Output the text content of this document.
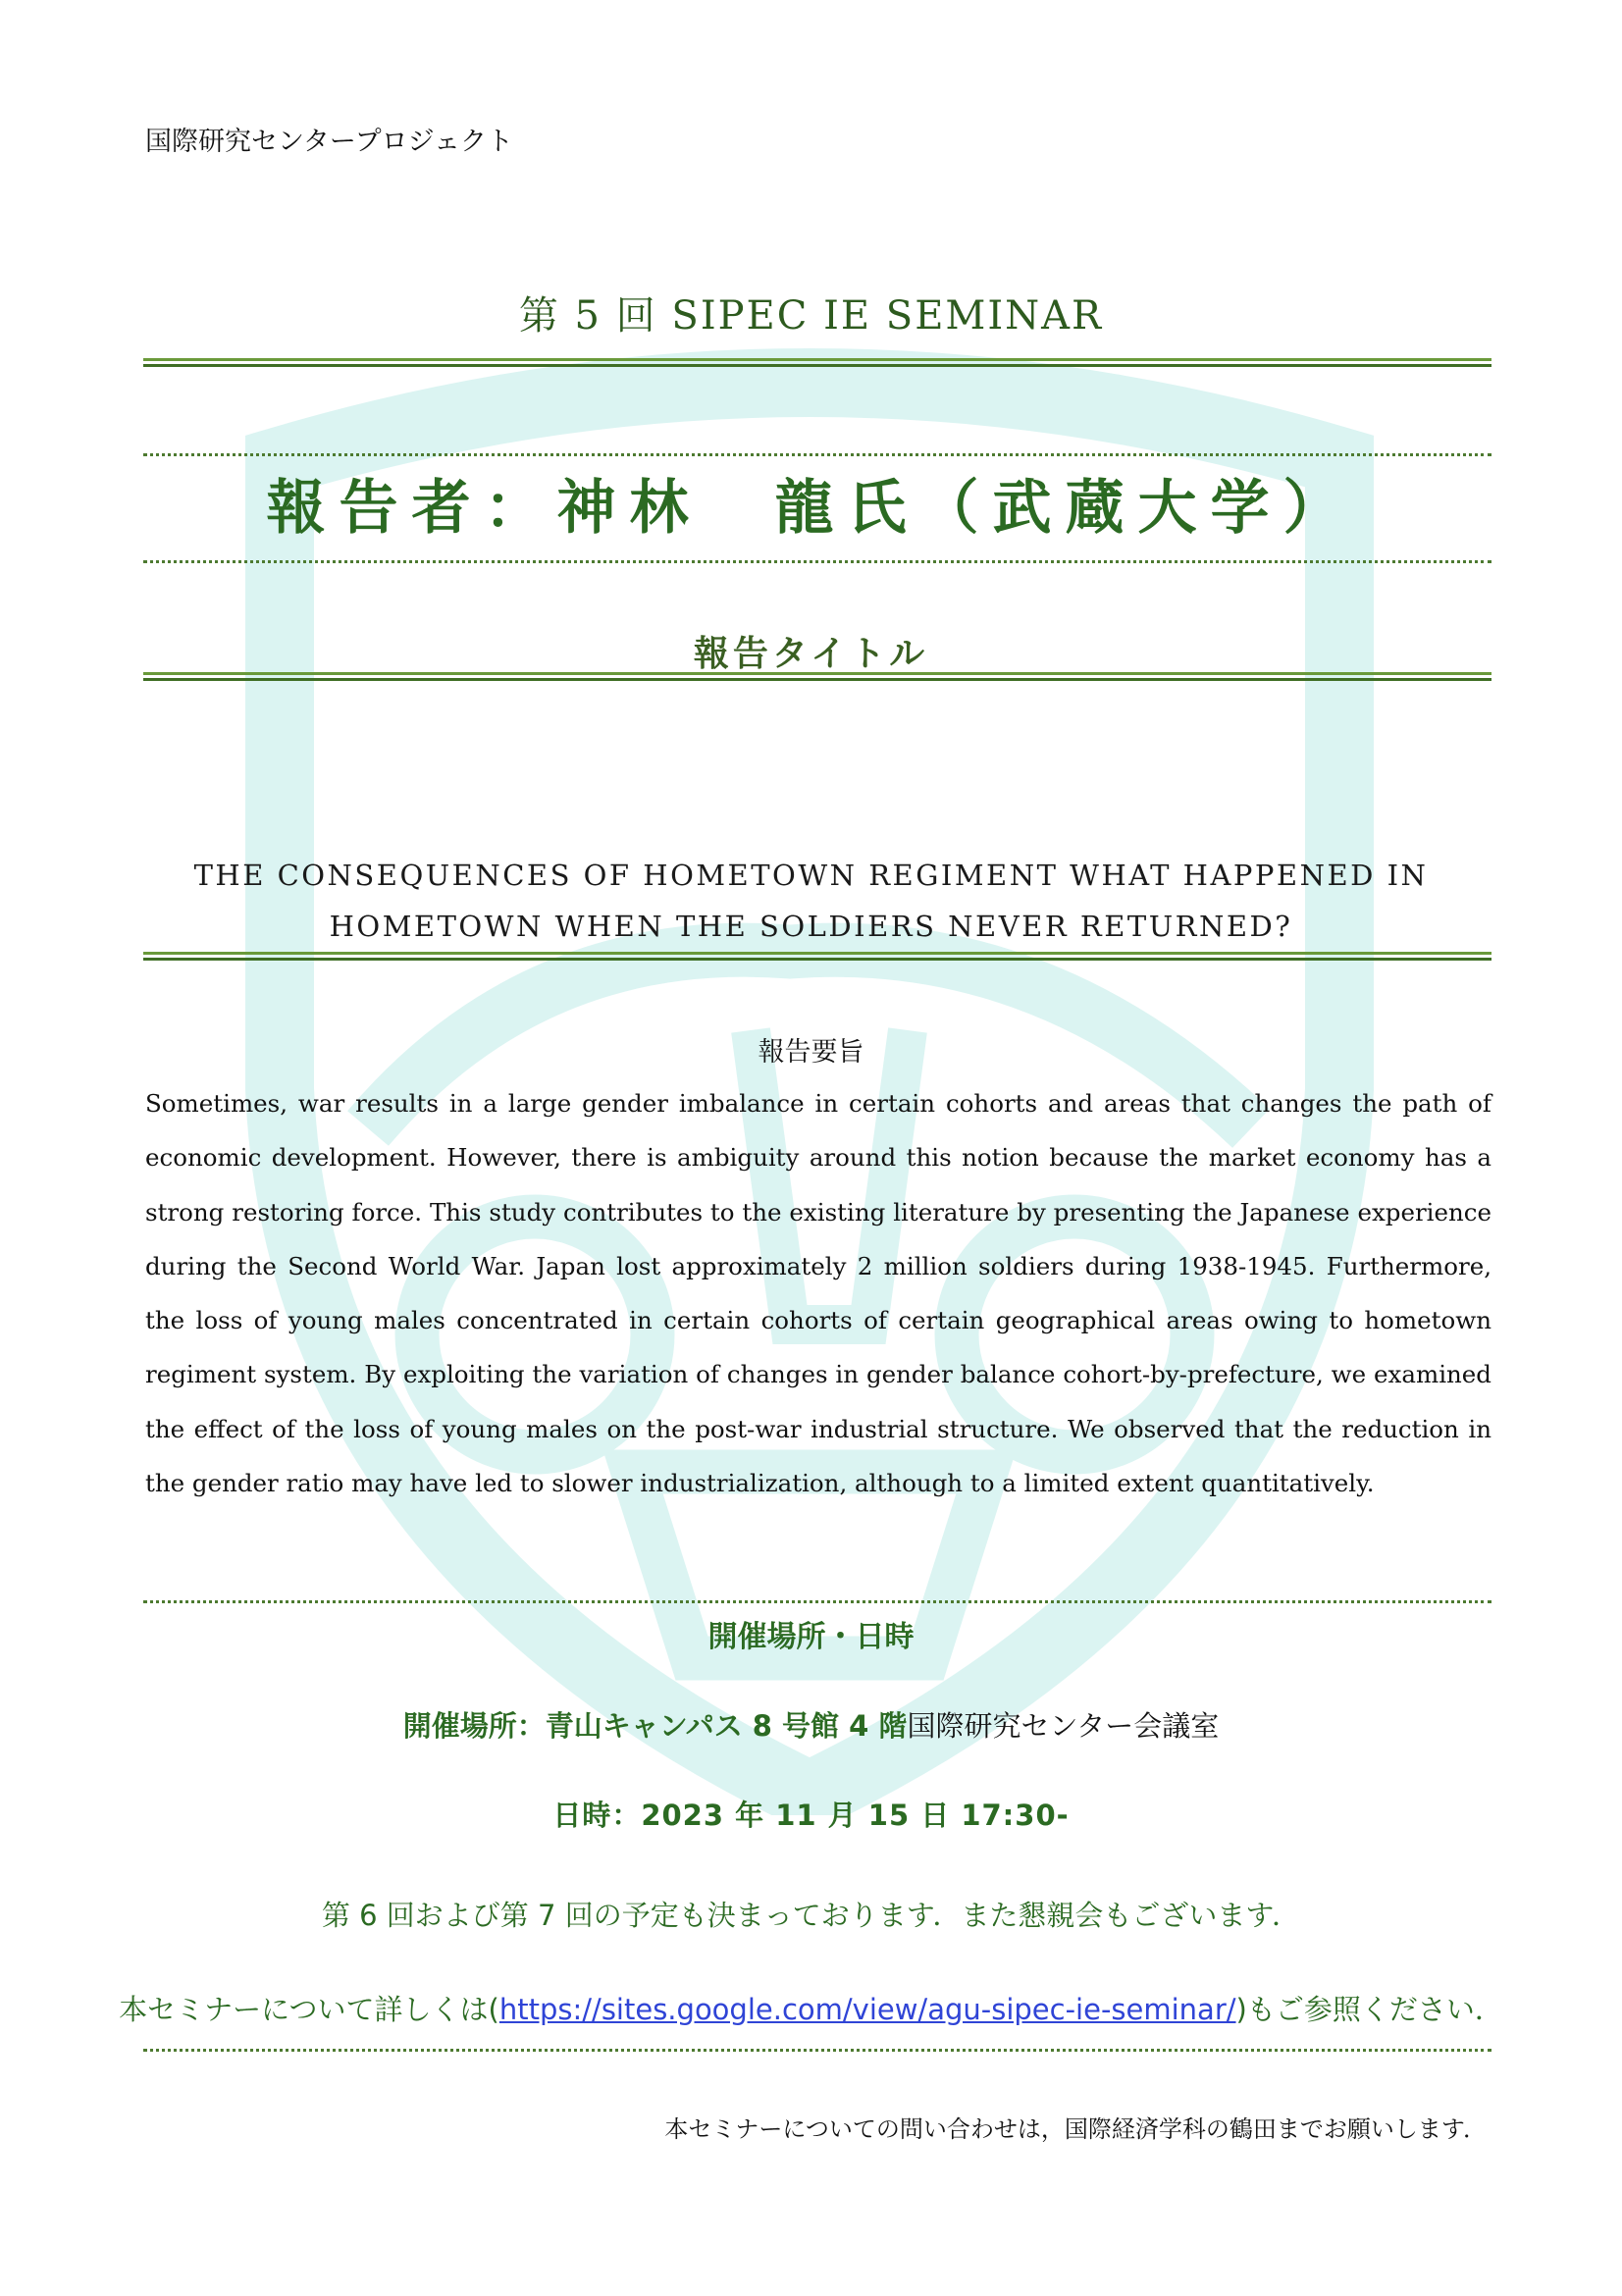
国際研究センタープロジェクト
第 5 回 SIPEC IE SEMINAR
報告者：神林　龍氏（武蔵大学）
報告タイトル
THE CONSEQUENCES OF HOMETOWN REGIMENT WHAT HAPPENED IN
HOMETOWN WHEN THE SOLDIERS NEVER RETURNED?
報告要旨
Sometimes, war results in a large gender imbalance in certain cohorts and areas that changes the path of economic development. However, there is ambiguity around this notion because the market economy has a strong restoring force. This study contributes to the existing literature by presenting the Japanese experience during the Second World War. Japan lost approximately 2 million soldiers during 1938-1945. Furthermore, the loss of young males concentrated in certain cohorts of certain geographical areas owing to hometown regiment system. By exploiting the variation of changes in gender balance cohort-by-prefecture, we examined the effect of the loss of young males on the post-war industrial structure. We observed that the reduction in the gender ratio may have led to slower industrialization, although to a limited extent quantitatively.
開催場所・日時
開催場所：青山キャンパス 8 号館 4 階国際研究センター会議室
日時：2023 年 11 月 15 日 17:30-
第 6 回および第 7 回の予定も決まっております．また懇親会もございます．
本セミナーについて詳しくは(https://sites.google.com/view/agu-sipec-ie-seminar/)もご参照ください．
本セミナーについての問い合わせは，国際経済学科の鶴田までお願いします．
